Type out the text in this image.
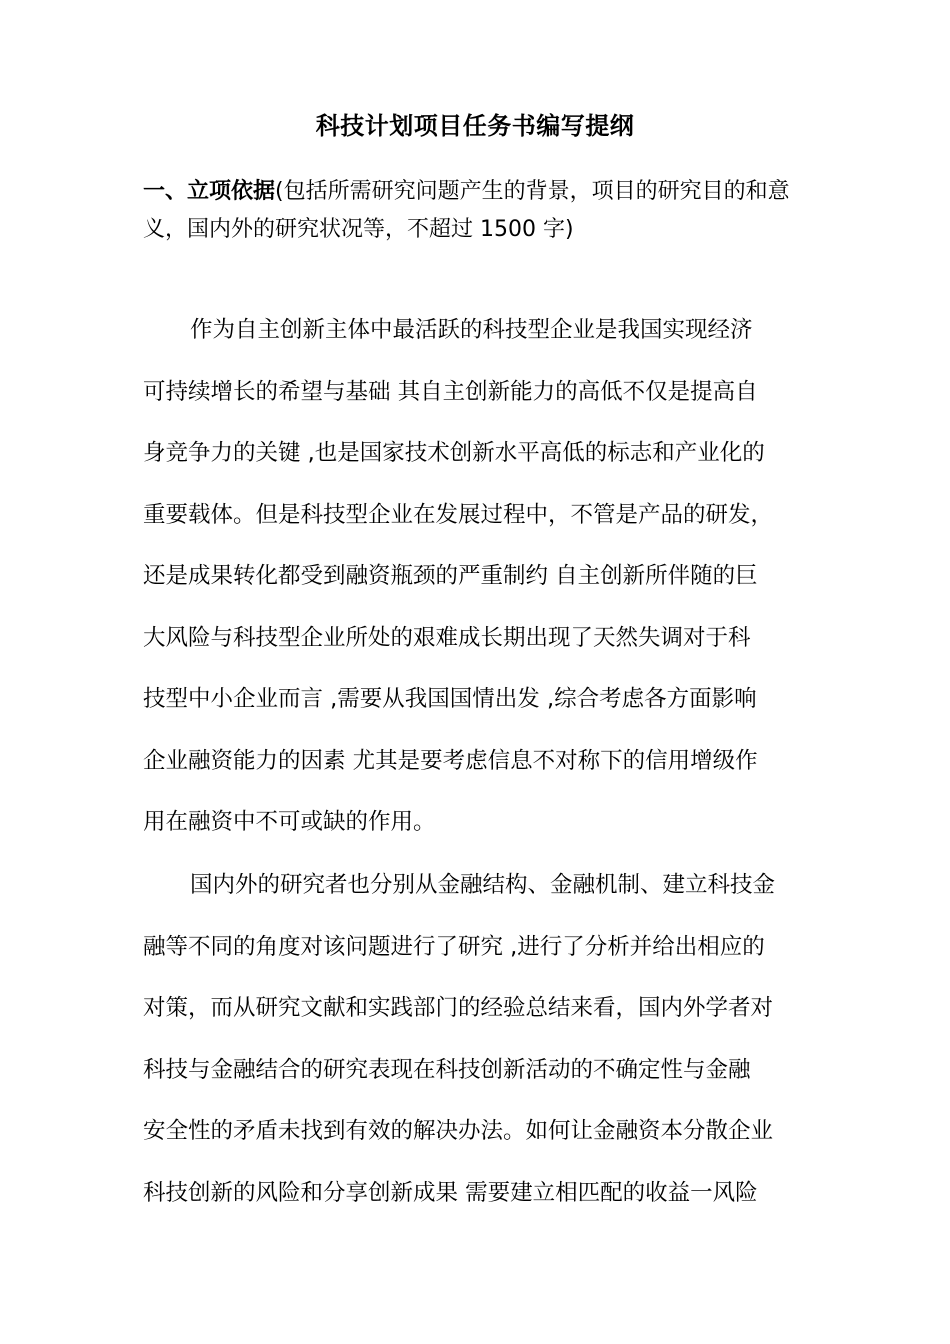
科技计划项目任务书编写提纲
一、立项依据(包括所需研究问题产生的背景，项目的研究目的和意
义，国内外的研究状况等，不超过 1500 字)
作为自主创新主体中最活跃的科技型企业是我国实现经济
可持续增长的希望与基础 其自主创新能力的高低不仅是提高自
身竞争力的关键 ,也是国家技术创新水平高低的标志和产业化的
重要载体。但是科技型企业在发展过程中，不管是产品的研发，
还是成果转化都受到融资瓶颈的严重制约 自主创新所伴随的巨
大风险与科技型企业所处的艰难成长期出现了天然失调对于科
技型中小企业而言 ,需要从我国国情出发 ,综合考虑各方面影响
企业融资能力的因素 尤其是要考虑信息不对称下的信用增级作
用在融资中不可或缺的作用。
国内外的研究者也分别从金融结构、金融机制、建立科技金
融等不同的角度对该问题进行了研究 ,进行了分析并给出相应的
对策，而从研究文献和实践部门的经验总结来看，国内外学者对
科技与金融结合的研究表现在科技创新活动的不确定性与金融
安全性的矛盾未找到有效的解决办法。如何让金融资本分散企业
科技创新的风险和分享创新成果 需要建立相匹配的收益一风险
